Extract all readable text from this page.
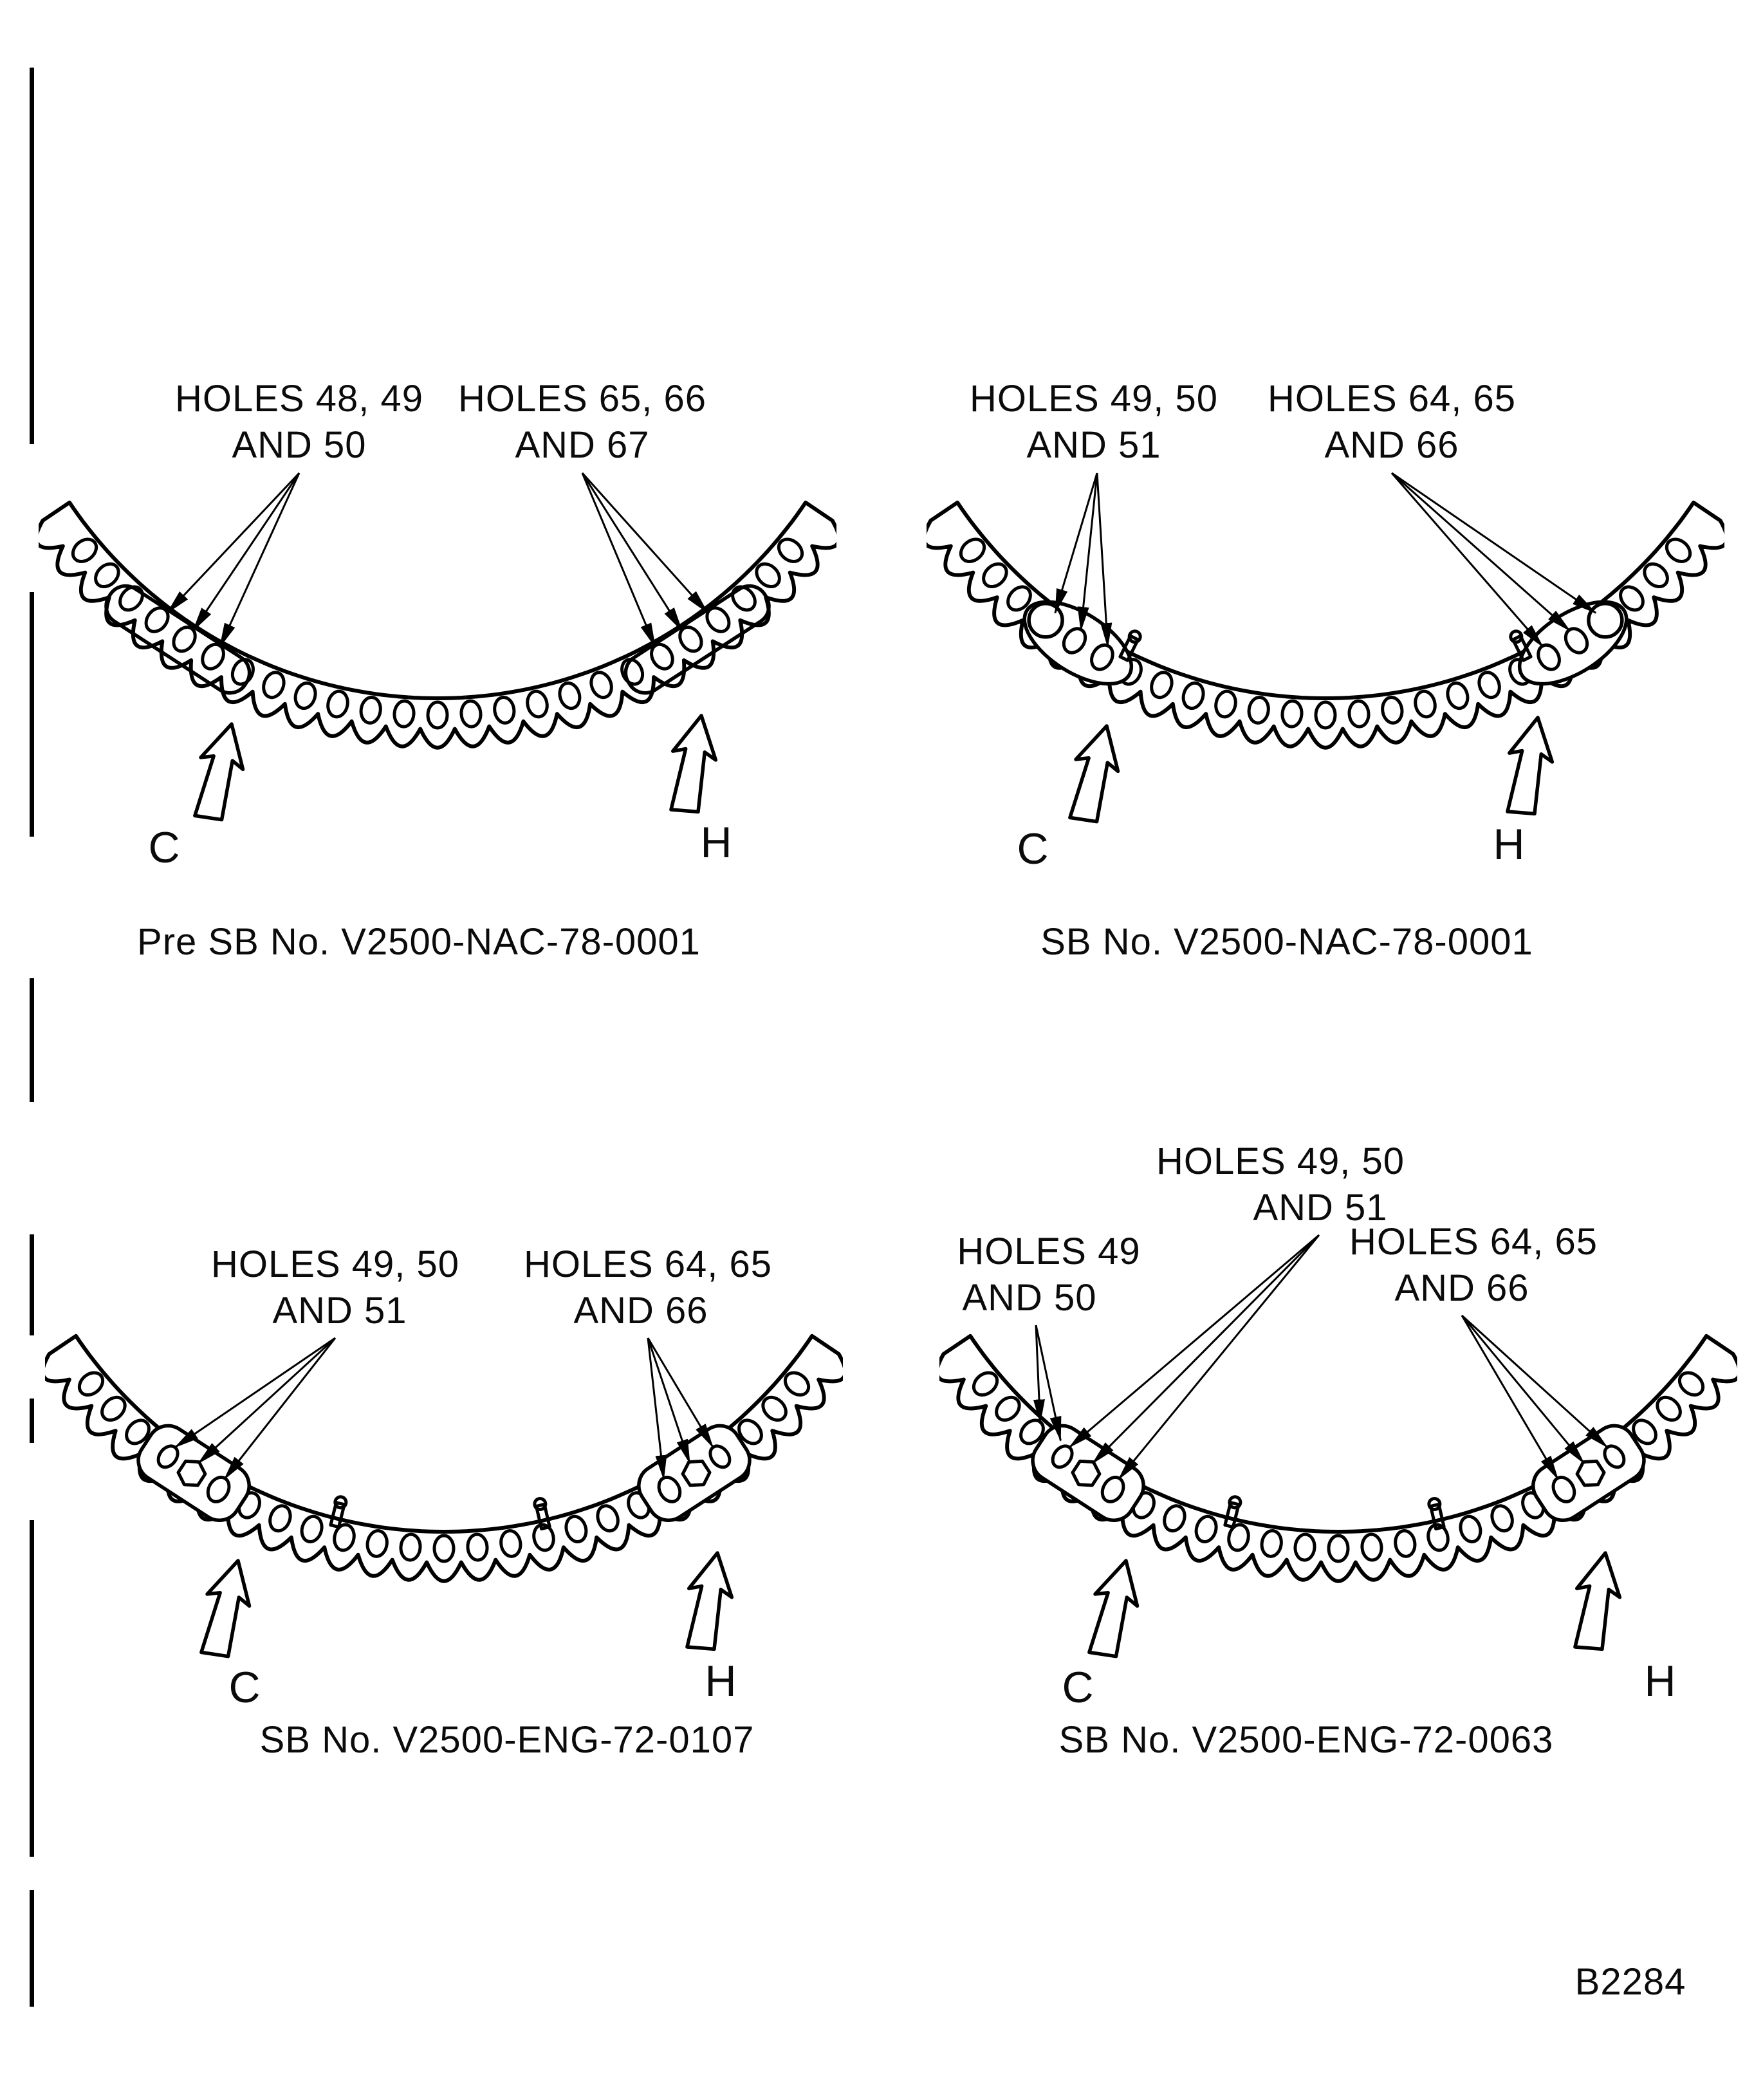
HOLES 48, 49
AND 50
HOLES 65, 66
AND 67
C	H
Pre SB No. V2500-NAC-78-0001
HOLES 49, 50
AND 51
HOLES 64, 65
AND 66
C	H
SB No. V2500-NAC-78-0001
HOLES 49, 50
AND 51
HOLES 64, 65
AND 66
C	H
SB No. V2500-ENG-72-0107
HOLES 49, 50
AND 51
HOLES 49
AND 50
HOLES 64, 65
AND 66
C	H
SB No. V2500-ENG-72-0063
B2284
